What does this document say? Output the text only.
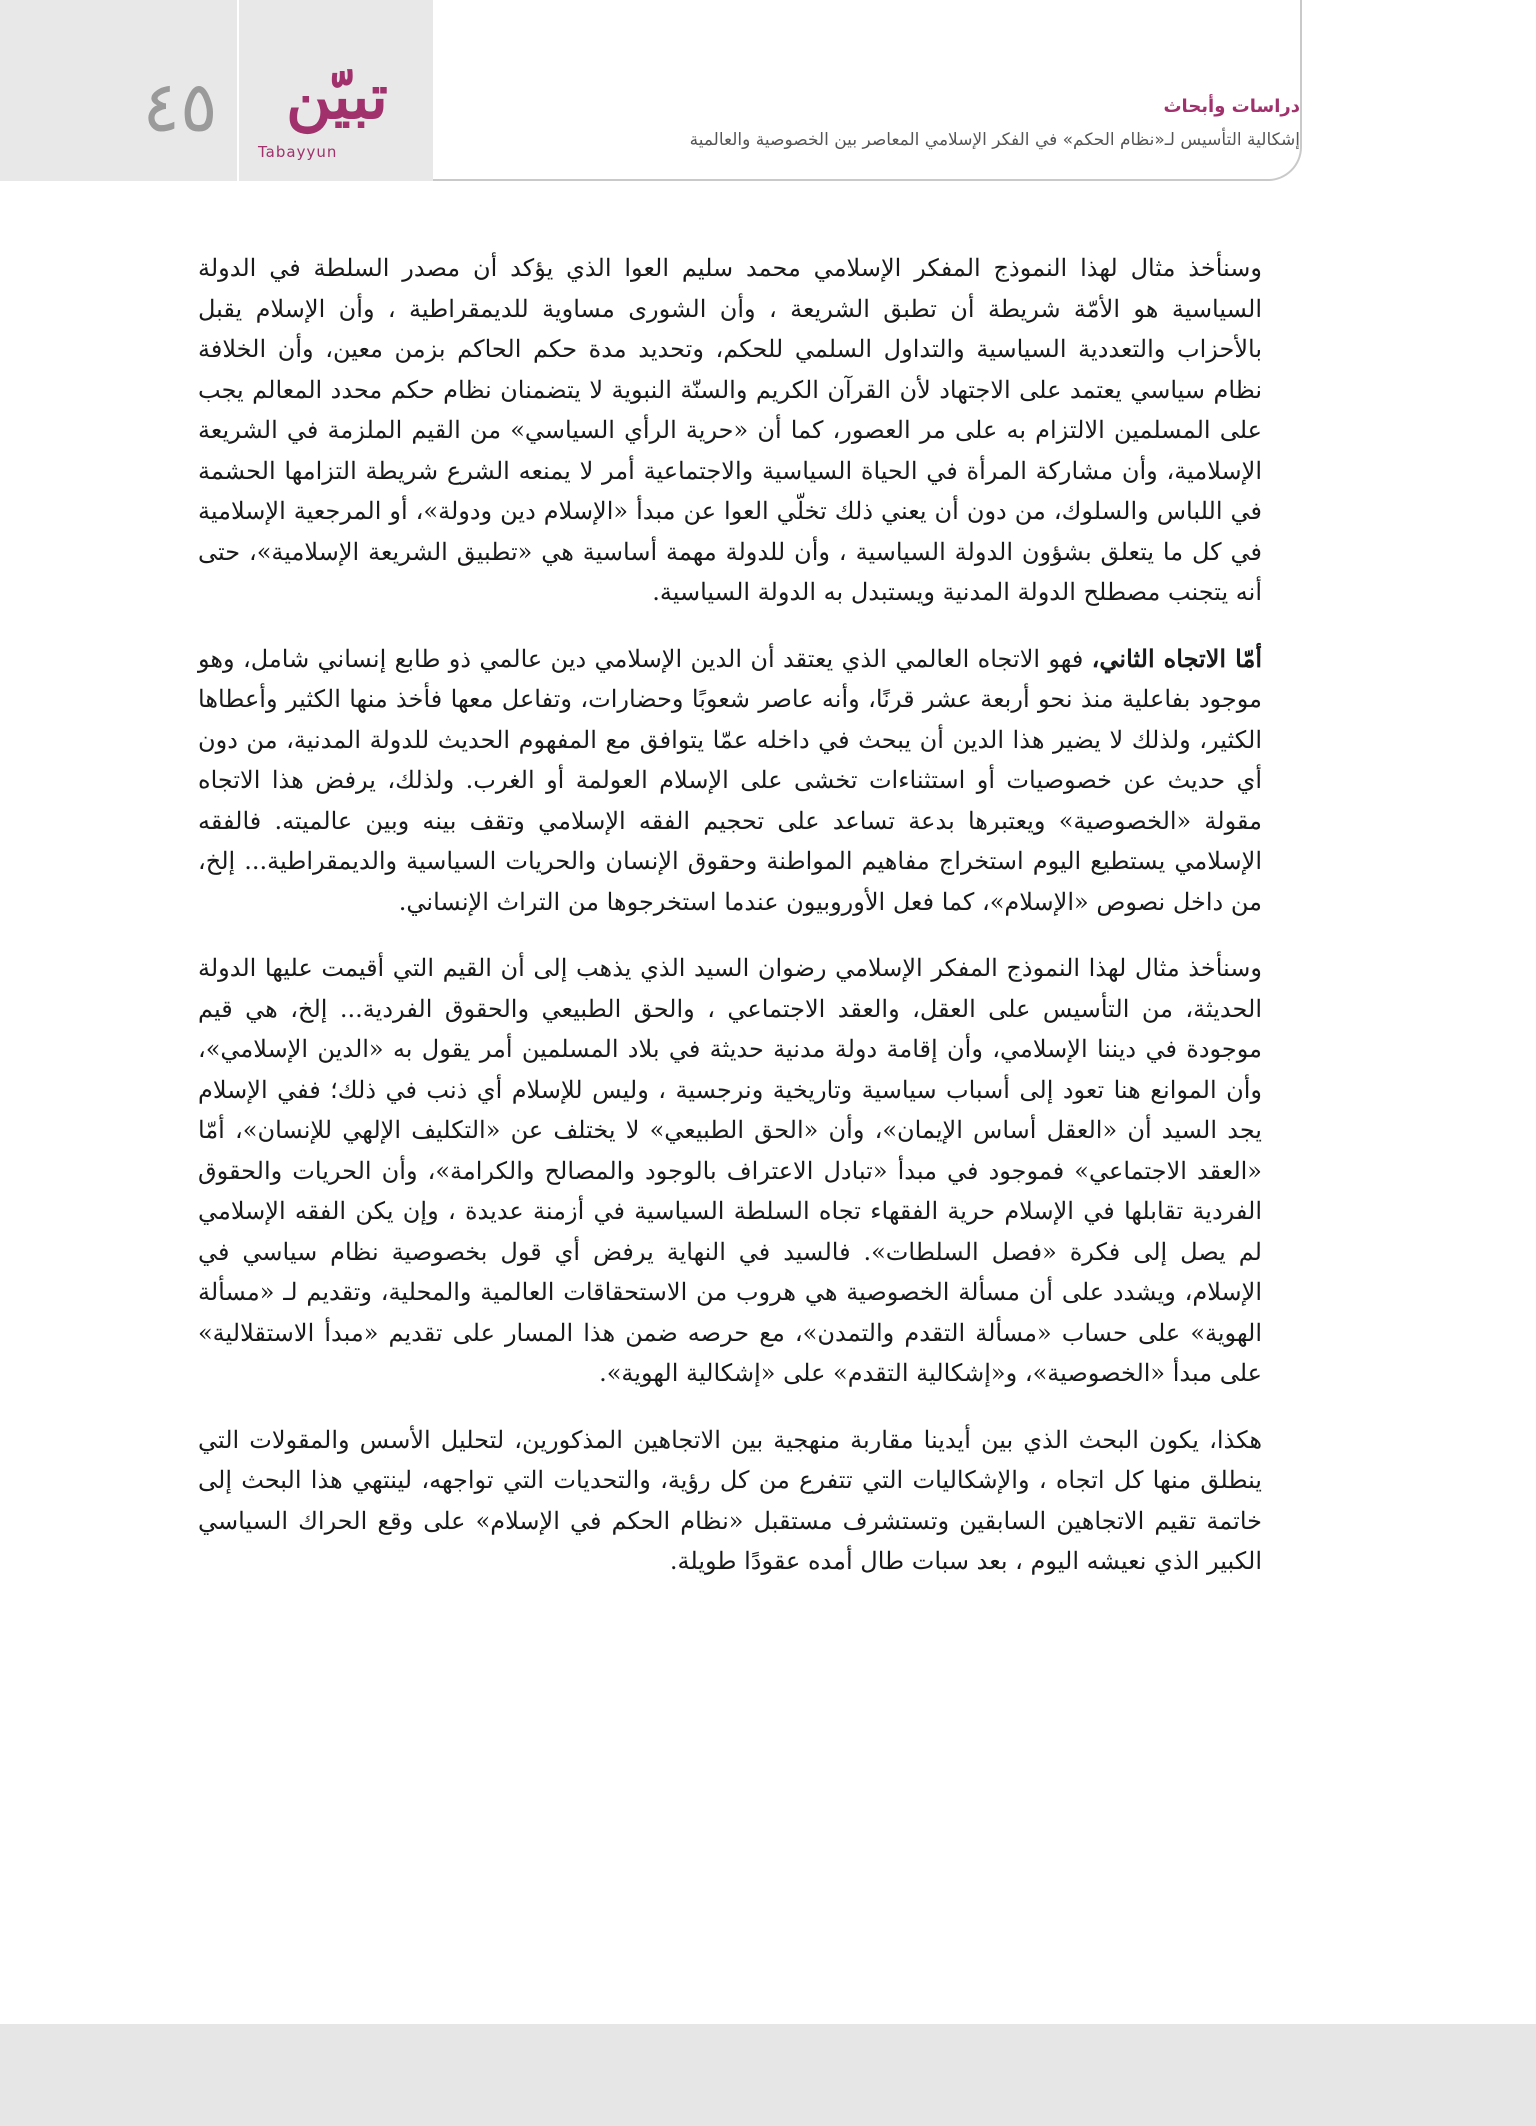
٤٥	تبيّن
Tabayyun
دراسات وأبحاث
إشكالية التأسيس لـ«نظام الحكم» في الفكر الإسلامي المعاصر بين الخصوصية والعالمية

وسنأخذ مثال لهذا النموذج المفكر الإسلامي محمد سليم العوا الذي يؤكد أن مصدر السلطة في الدولة السياسية هو الأمّة شريطة أن تطبق الشريعة ، وأن الشورى مساوية للديمقراطية ، وأن الإسلام يقبل بالأحزاب والتعددية السياسية والتداول السلمي للحكم، وتحديد مدة حكم الحاكم بزمن معين، وأن الخلافة نظام سياسي يعتمد على الاجتهاد لأن القرآن الكريم والسنّة النبوية لا يتضمنان نظام حكم محدد المعالم يجب على المسلمين الالتزام به على مر العصور، كما أن «حرية الرأي السياسي» من القيم الملزمة في الشريعة الإسلامية، وأن مشاركة المرأة في الحياة السياسية والاجتماعية أمر لا يمنعه الشرع شريطة التزامها الحشمة في اللباس والسلوك، من دون أن يعني ذلك تخلّي العوا عن مبدأ «الإسلام دين ودولة»، أو المرجعية الإسلامية في كل ما يتعلق بشؤون الدولة السياسية ، وأن للدولة مهمة أساسية هي «تطبيق الشريعة الإسلامية»، حتى أنه يتجنب مصطلح الدولة المدنية ويستبدل به الدولة السياسية.

أمّا الاتجاه الثاني، فهو الاتجاه العالمي الذي يعتقد أن الدين الإسلامي دين عالمي ذو طابع إنساني شامل، وهو موجود بفاعلية منذ نحو أربعة عشر قرنًا، وأنه عاصر شعوبًا وحضارات، وتفاعل معها فأخذ منها الكثير وأعطاها الكثير، ولذلك لا يضير هذا الدين أن يبحث في داخله عمّا يتوافق مع المفهوم الحديث للدولة المدنية، من دون أي حديث عن خصوصيات أو استثناءات تخشى على الإسلام العولمة أو الغرب. ولذلك، يرفض هذا الاتجاه مقولة «الخصوصية» ويعتبرها بدعة تساعد على تحجيم الفقه الإسلامي وتقف بينه وبين عالميته. فالفقه الإسلامي يستطيع اليوم استخراج مفاهيم المواطنة وحقوق الإنسان والحريات السياسية والديمقراطية... إلخ، من داخل نصوص «الإسلام»، كما فعل الأوروبيون عندما استخرجوها من التراث الإنساني.

وسنأخذ مثال لهذا النموذج المفكر الإسلامي رضوان السيد الذي يذهب إلى أن القيم التي أقيمت عليها الدولة الحديثة، من التأسيس على العقل، والعقد الاجتماعي ، والحق الطبيعي والحقوق الفردية... إلخ، هي قيم موجودة في ديننا الإسلامي، وأن إقامة دولة مدنية حديثة في بلاد المسلمين أمر يقول به «الدين الإسلامي»، وأن الموانع هنا تعود إلى أسباب سياسية وتاريخية ونرجسية ، وليس للإسلام أي ذنب في ذلك؛ ففي الإسلام يجد السيد أن «العقل أساس الإيمان»، وأن «الحق الطبيعي» لا يختلف عن «التكليف الإلهي للإنسان»، أمّا «العقد الاجتماعي» فموجود في مبدأ «تبادل الاعتراف بالوجود والمصالح والكرامة»، وأن الحريات والحقوق الفردية تقابلها في الإسلام حرية الفقهاء تجاه السلطة السياسية في أزمنة عديدة ، وإن يكن الفقه الإسلامي لم يصل إلى فكرة «فصل السلطات». فالسيد في النهاية يرفض أي قول بخصوصية نظام سياسي في الإسلام، ويشدد على أن مسألة الخصوصية هي هروب من الاستحقاقات العالمية والمحلية، وتقديم لـ «مسألة الهوية» على حساب «مسألة التقدم والتمدن»، مع حرصه ضمن هذا المسار على تقديم «مبدأ الاستقلالية» على مبدأ «الخصوصية»، و«إشكالية التقدم» على «إشكالية الهوية».

هكذا، يكون البحث الذي بين أيدينا مقاربة منهجية بين الاتجاهين المذكورين، لتحليل الأسس والمقولات التي ينطلق منها كل اتجاه ، والإشكاليات التي تتفرع من كل رؤية، والتحديات التي تواجهه، لينتهي هذا البحث إلى خاتمة تقيم الاتجاهين السابقين وتستشرف مستقبل «نظام الحكم في الإسلام» على وقع الحراك السياسي الكبير الذي نعيشه اليوم ، بعد سبات طال أمده عقودًا طويلة.
